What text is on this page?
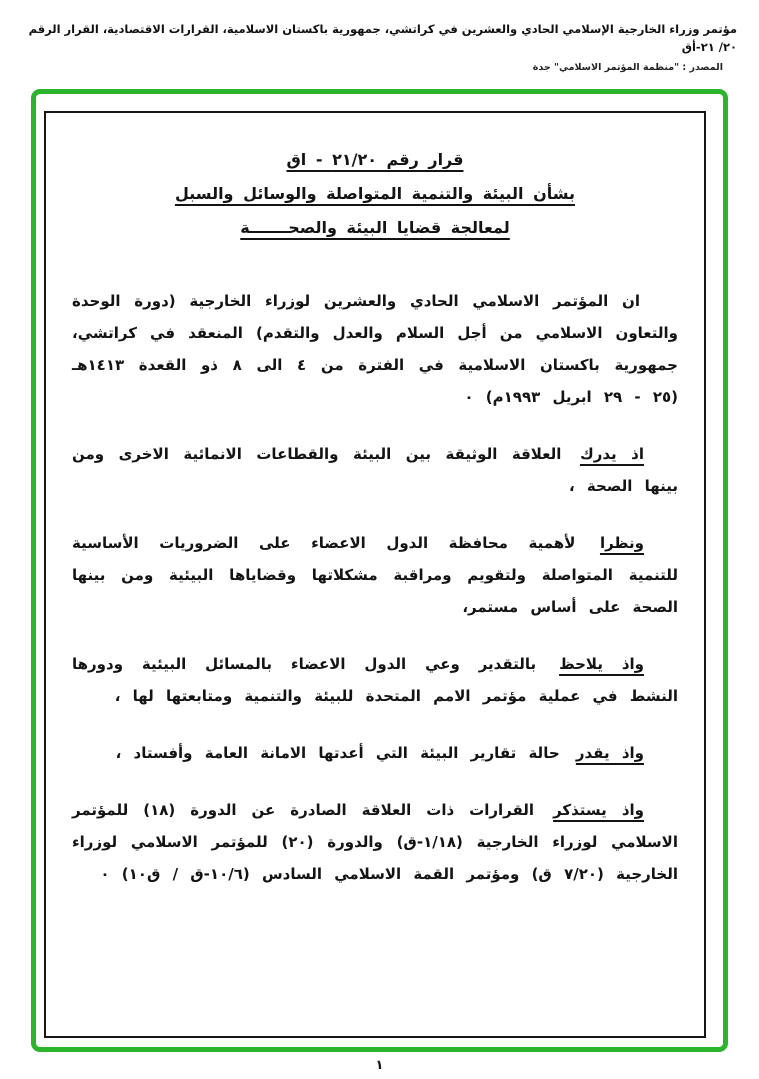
مؤتمر وزراء الخارجية الإسلامي الحادي والعشرين في كراتشي، جمهورية باكستان الاسلامية، القرارات الاقتصادية، القرار الرقم ٢٠/ ٢١-أق
المصدر : "منظمة المؤتمر الاسلامي" جدة
قرار رقم ٢١/٢٠ - اق
بشأن البيئة والتنمية المتواصلة والوسائل والسبل
لمعالجة قضايا البيئة والصحـــــــة

ان المؤتمر الاسلامي الحادي والعشرين لوزراء الخارجية (دورة الوحدة والتعاون الاسلامي من أجل السلام والعدل والتقدم) المنعقد في كراتشي، جمهورية باكستان الاسلامية في الفترة من ٤ الى ٨ ذو القعدة ١٤١٣هـ (٢٥ - ٢٩ ابريل ١٩٩٣م) ٠

اذ يدرك العلاقة الوثيقة بين البيئة والقطاعات الانمائية الاخرى ومن بينها الصحة ،

ونظرا لأهمية محافظة الدول الاعضاء على الضروريات الأساسية للتنمية المتواصلة ولتقويم ومراقبة مشكلاتها وقضاياها البيئية ومن بينها الصحة على أساس مستمر،

واذ يلاحظ بالتقدير وعي الدول الاعضاء بالمسائل البيئية ودورها النشط في عملية مؤتمر الامم المتحدة للبيئة والتنمية ومتابعتها لها ،

واذ يقدر حالة تقارير البيئة التي أعدتها الامانة العامة وأفستاد ،

واذ يستذكر القرارات ذات العلاقة الصادرة عن الدورة (١٨) للمؤتمر الاسلامي لوزراء الخارجية (١/١٨-ق) والدورة (٢٠) للمؤتمر الاسلامي لوزراء الخارجية (٧/٢٠ ق) ومؤتمر القمة الاسلامي السادس (١٠/٦-ق / ق١٠) ٠

١
